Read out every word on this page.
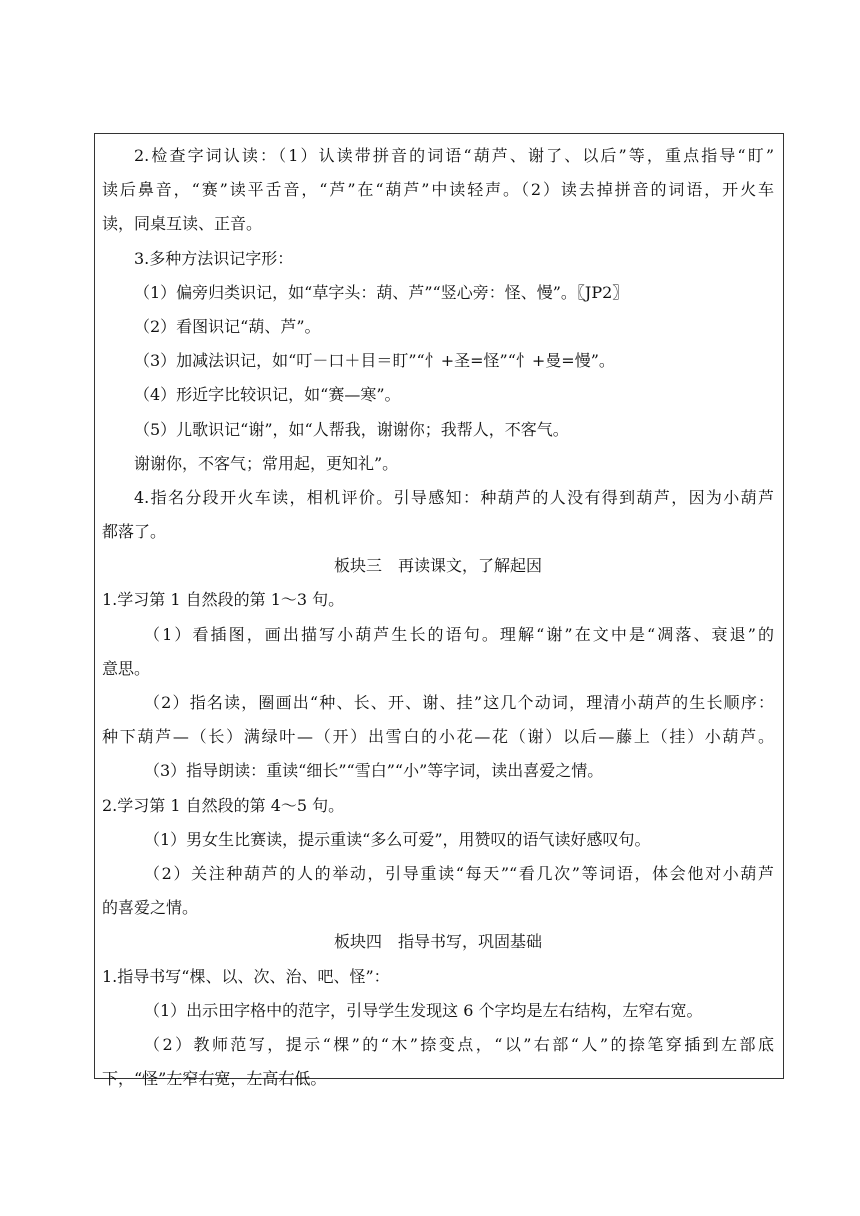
2.检查字词认读：（1）认读带拼音的词语“葫芦、谢了、以后”等，重点指导“盯”
读后鼻音，“赛”读平舌音，“芦”在“葫芦”中读轻声。（2）读去掉拼音的词语，开火车
读，同桌互读、正音。
3.多种方法识记字形：
（1）偏旁归类识记，如“草字头：葫、芦”“竖心旁：怪、慢”。〖JP2〗
（2）看图识记“葫、芦”。
（3）加减法识记，如“叮－口＋目＝盯”“忄+圣=怪”“忄+曼=慢”。
（4）形近字比较识记，如“赛—寒”。
（5）儿歌识记“谢”，如“人帮我，谢谢你；我帮人，不客气。
谢谢你，不客气；常用起，更知礼”。
4.指名分段开火车读，相机评价。引导感知：种葫芦的人没有得到葫芦，因为小葫芦
都落了。
板块三　再读课文，了解起因
1.学习第 1 自然段的第 1～3 句。
（1）看插图，画出描写小葫芦生长的语句。理解“谢”在文中是“凋落、衰退”的
意思。
（2）指名读，圈画出“种、长、开、谢、挂”这几个动词，理清小葫芦的生长顺序：
种下葫芦—（长）满绿叶—（开）出雪白的小花—花（谢）以后—藤上（挂）小葫芦。
（3）指导朗读：重读“细长”“雪白”“小”等字词，读出喜爱之情。
2.学习第 1 自然段的第 4～5 句。
（1）男女生比赛读，提示重读“多么可爱”，用赞叹的语气读好感叹句。
（2）关注种葫芦的人的举动，引导重读“每天”“看几次”等词语，体会他对小葫芦
的喜爱之情。
板块四　指导书写，巩固基础
1.指导书写“棵、以、次、治、吧、怪”：
（1）出示田字格中的范字，引导学生发现这 6 个字均是左右结构，左窄右宽。
（2）教师范写，提示“棵”的“木”捺变点，“以”右部“人”的捺笔穿插到左部底
下，“怪”左窄右宽，左高右低。
